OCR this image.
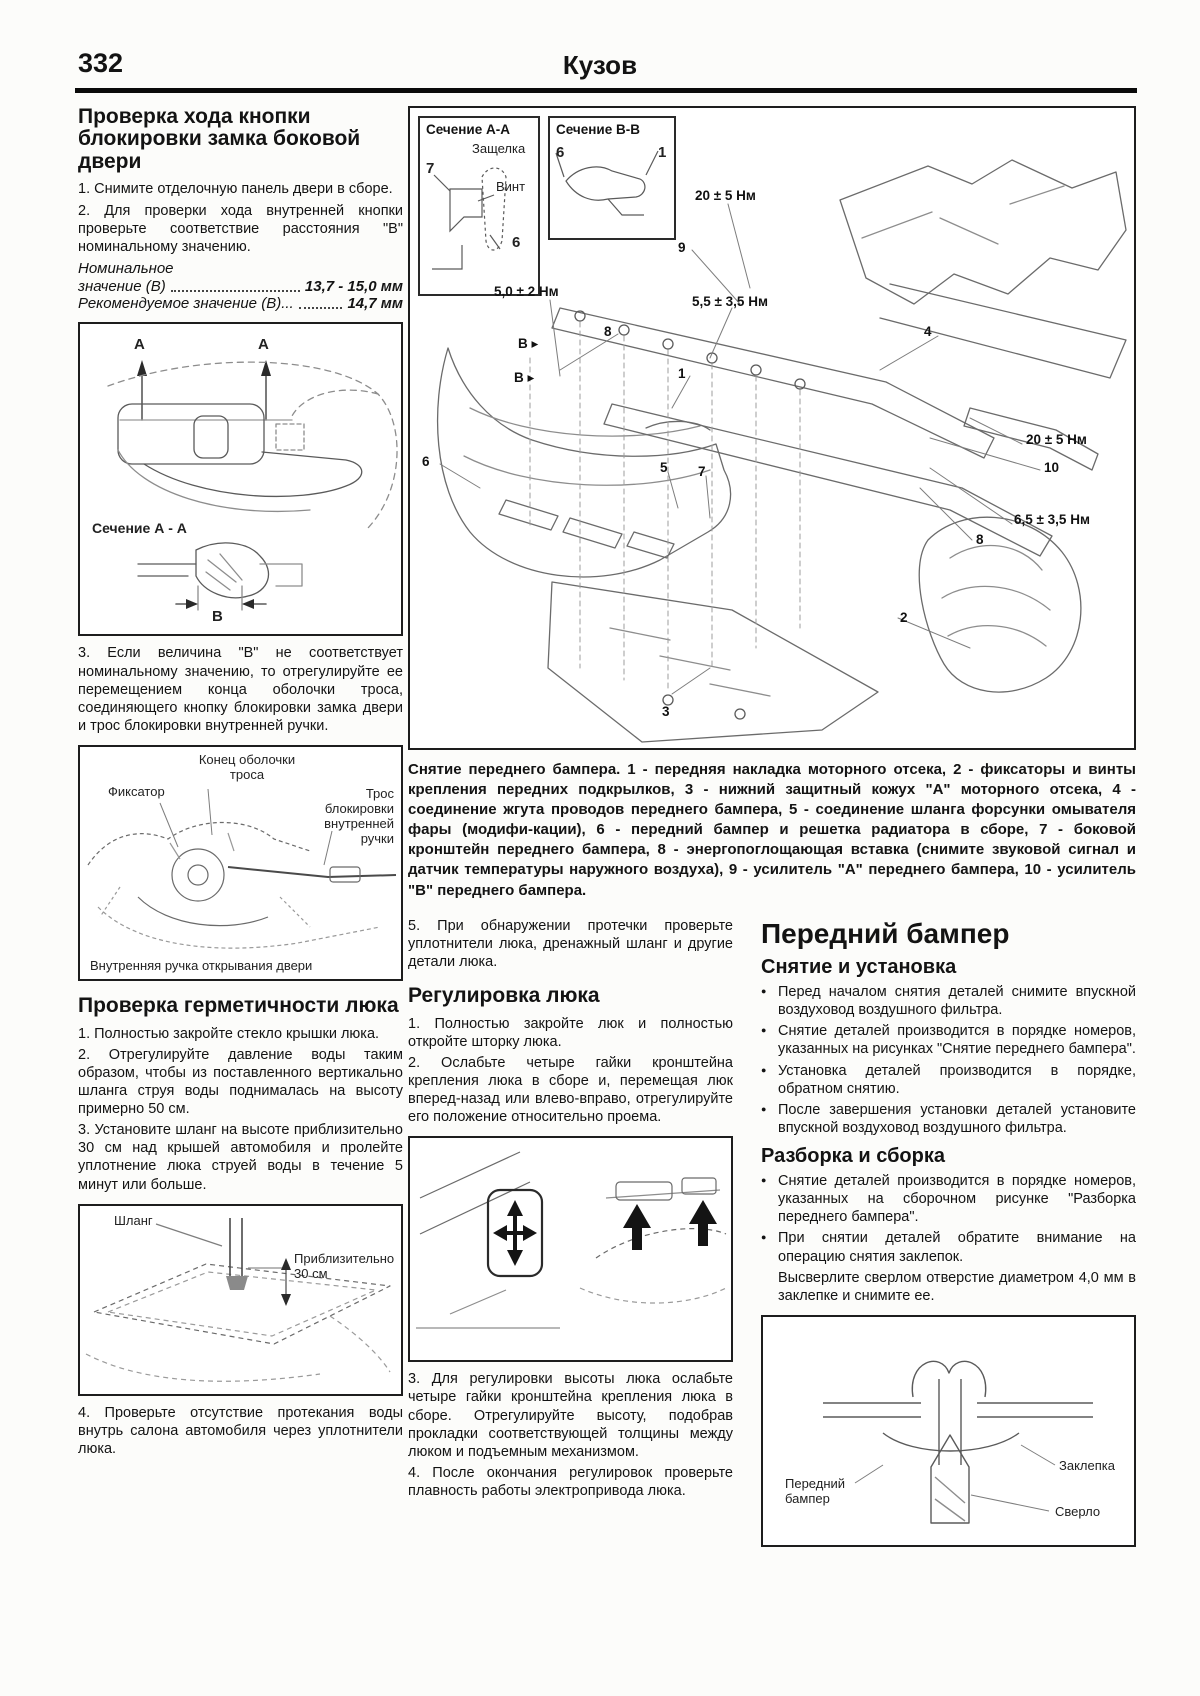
332	Кузов
Проверка хода кнопки блокировки замка боковой двери

1. Снимите отделочную панель двери в сборе.

2. Для проверки хода внутренней кнопки проверьте соответствие расстояния "В" номинальному значению.

Номинальное
значение (В)	13,7 - 15,0 мм
Рекомендуемое значение (В)...	14,7 мм
A	A
Сечение А - А
B

3. Если величина "В" не соответствует номинальному значению, то отрегулируйте ее перемещением конца оболочки троса, соединяющего кнопку блокировки замка двери и трос блокировки внутренней ручки.

Конец оболочки троса
Фиксатор	Трос блокировки внутренней ручки
Внутренняя ручка открывания двери
Проверка герметичности люка

1. Полностью закройте стекло крышки люка.

2. Отрегулируйте давление воды таким образом, чтобы из поставленного вертикально шланга струя воды поднималась на высоту примерно 50 см.

3. Установите шланг на высоте приблизительно 30 см над крышей автомобиля и пролейте уплотнение люка струей воды в течение 5 минут или больше.

Шланг
Приблизительно 30 см

4. Проверьте отсутствие протекания воды внутрь салона автомобиля через уплотнители люка.

Сечение А-А
7
Защелка
Винт
6
Сечение В-В
6	1
20 ± 5 Нм
9
5,0 ± 2 Нм
5,5 ± 3,5 Нм
8
B ▸
B ▸	1
4
20 ± 5 Нм
10
6,5 ± 3,5 Нм
8
2
6	5 7
3
Снятие переднего бампера. 1 - передняя накладка моторного отсека, 2 - фиксаторы и винты крепления передних подкрылков, 3 - нижний защитный кожух "А" моторного отсека, 4 - соединение жгута проводов переднего бампера, 5 - соединение шланга форсунки омывателя фары (модифи-кации), 6 - передний бампер и решетка радиатора в сборе, 7 - боковой кронштейн переднего бампера, 8 - энергопоглощающая вставка (снимите звуковой сигнал и датчик температуры наружного воздуха), 9 - усилитель "А" переднего бампера, 10 - усилитель "В" переднего бампера.

5. При обнаружении протечки проверьте уплотнители люка, дренажный шланг и другие детали люка.

Регулировка люка

1. Полностью закройте люк и полностью откройте шторку люка.

2. Ослабьте четыре гайки кронштейна крепления люка в сборе и, перемещая люк вперед-назад или влево-вправо, отрегулируйте его положение относительно проема.

3. Для регулировки высоты люка ослабьте четыре гайки кронштейна крепления люка в сборе. Отрегулируйте высоту, подобрав прокладки соответствующей толщины между люком и подъемным механизмом.

4. После окончания регулировок проверьте плавность работы электропривода люка.

Передний бампер
Снятие и установка

● Перед началом снятия деталей снимите впускной воздуховод воздушного фильтра.

● Снятие деталей производится в порядке номеров, указанных на рисунках "Снятие переднего бампера".

● Установка деталей производится в порядке, обратном снятию.

● После завершения установки деталей установите впускной воздуховод воздушного фильтра.

Разборка и сборка

● Снятие деталей производится в порядке номеров, указанных на сборочном рисунке "Разборка переднего бампера".

● При снятии деталей обратите внимание на операцию снятия заклепок.

Высверлите сверлом отверстие диаметром 4,0 мм в заклепке и снимите ее.

Передний бампер
Заклепка
Сверло
